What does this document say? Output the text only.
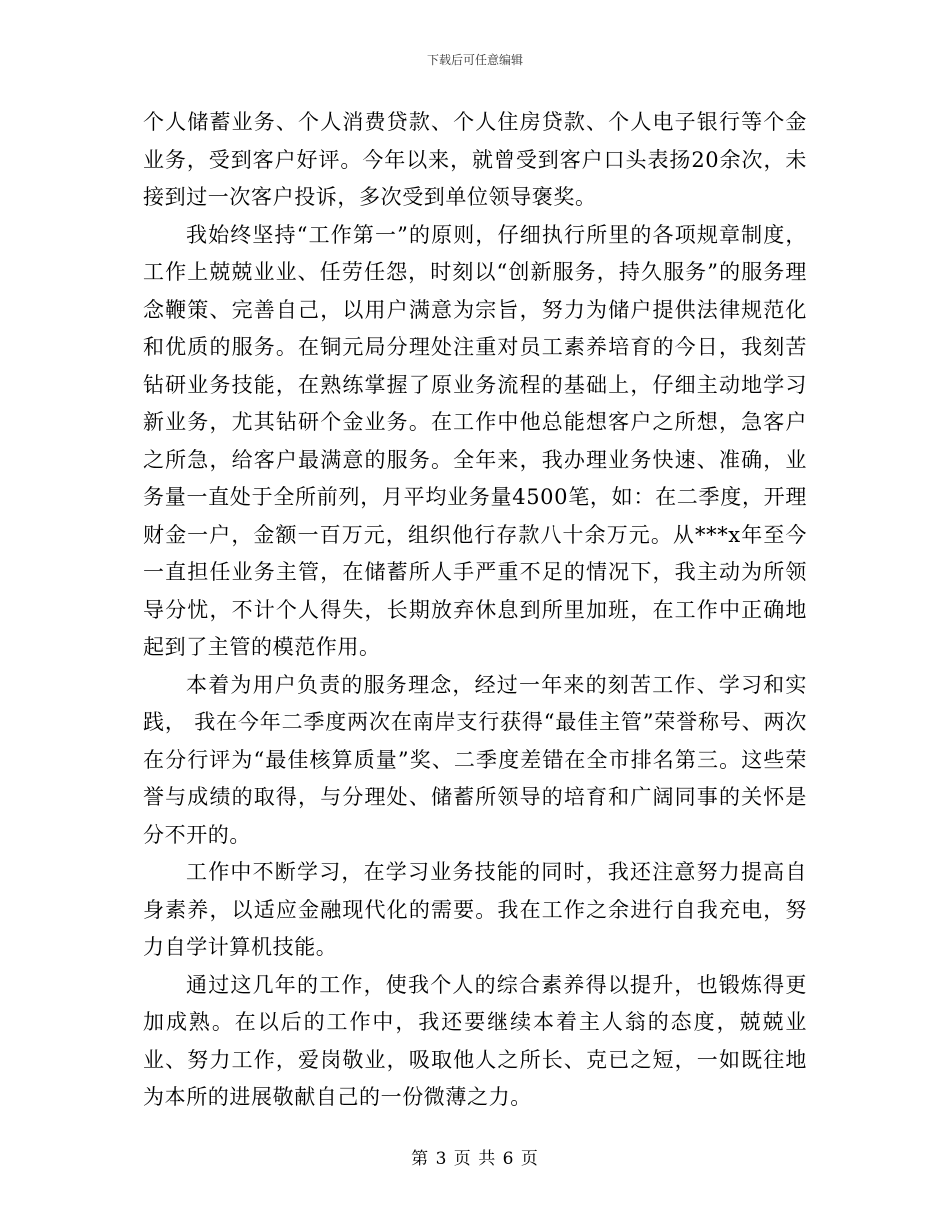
下载后可任意编辑

个人储蓄业务、个人消费贷款、个人住房贷款、个人电子银行等个金业务，受到客户好评。今年以来，就曾受到客户口头表扬20余次，未接到过一次客户投诉，多次受到单位领导褒奖。

我始终坚持“工作第一”的原则，仔细执行所里的各项规章制度，工作上兢兢业业、任劳任怨，时刻以“创新服务，持久服务”的服务理念鞭策、完善自己，以用户满意为宗旨，努力为储户提供法律规范化和优质的服务。在铜元局分理处注重对员工素养培育的今日，我刻苦钻研业务技能，在熟练掌握了原业务流程的基础上，仔细主动地学习新业务，尤其钻研个金业务。在工作中他总能想客户之所想，急客户之所急，给客户最满意的服务。全年来，我办理业务快速、准确，业务量一直处于全所前列，月平均业务量4500笔，如：在二季度，开理财金一户，金额一百万元，组织他行存款八十余万元。从***x年至今一直担任业务主管，在储蓄所人手严重不足的情况下，我主动为所领导分忧，不计个人得失，长期放弃休息到所里加班，在工作中正确地起到了主管的模范作用。

本着为用户负责的服务理念，经过一年来的刻苦工作、学习和实践， 我在今年二季度两次在南岸支行获得“最佳主管”荣誉称号、两次在分行评为“最佳核算质量”奖、二季度差错在全市排名第三。这些荣誉与成绩的取得，与分理处、储蓄所领导的培育和广阔同事的关怀是分不开的。

工作中不断学习，在学习业务技能的同时，我还注意努力提高自身素养，以适应金融现代化的需要。我在工作之余进行自我充电，努力自学计算机技能。

通过这几年的工作，使我个人的综合素养得以提升，也锻炼得更加成熟。在以后的工作中，我还要继续本着主人翁的态度，兢兢业业、努力工作，爱岗敬业，吸取他人之所长、克已之短，一如既往地为本所的进展敬献自己的一份微薄之力。

第 3 页 共 6 页
